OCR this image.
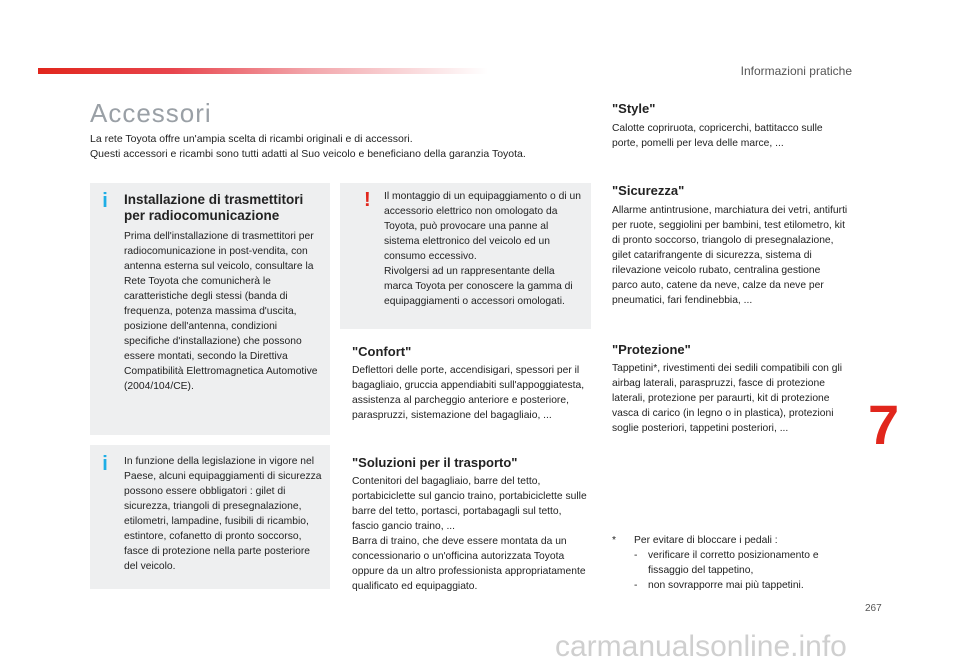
Informazioni pratiche
Accessori
La rete Toyota offre un'ampia scelta di ricambi originali e di accessori.
Questi accessori e ricambi sono tutti adatti al Suo veicolo e beneficiano della garanzia Toyota.
i Installazione di trasmettitori per radiocomunicazione
Prima dell'installazione di trasmettitori per radiocomunicazione in post-vendita, con antenna esterna sul veicolo, consultare la Rete Toyota che comunicherà le caratteristiche degli stessi (banda di frequenza, potenza massima d'uscita, posizione dell'antenna, condizioni specifiche d'installazione) che possono essere montati, secondo la Direttiva Compatibilità Elettromagnetica Automotive (2004/104/CE).
i In funzione della legislazione in vigore nel Paese, alcuni equipaggiamenti di sicurezza possono essere obbligatori : gilet di sicurezza, triangoli di presegnalazione, etilometri, lampadine, fusibili di ricambio, estintore, cofanetto di pronto soccorso, fasce di protezione nella parte posteriore del veicolo.
! Il montaggio di un equipaggiamento o di un accessorio elettrico non omologato da Toyota, può provocare una panne al sistema elettronico del veicolo ed un consumo eccessivo.
Rivolgersi ad un rappresentante della marca Toyota per conoscere la gamma di equipaggiamenti o accessori omologati.
"Confort"
Deflettori delle porte, accendisigari, spessori per il bagagliaio, gruccia appendiabiti sull'appoggiatesta, assistenza al parcheggio anteriore e posteriore, paraspruzzi, sistemazione del bagagliaio, ...
"Soluzioni per il trasporto"
Contenitori del bagagliaio, barre del tetto, portabiciclette sul gancio traino, portabiciclette sulle barre del tetto, portasci, portabagagli sul tetto, fascio gancio traino, ...
Barra di traino, che deve essere montata da un concessionario o un'officina autorizzata Toyota oppure da un altro professionista appropriatamente qualificato ed equipaggiato.
"Style"
Calotte copriruota, copricerchi, battitacco sulle porte, pomelli per leva delle marce, ...
"Sicurezza"
Allarme antintrusione, marchiatura dei vetri, antifurti per ruote, seggiolini per bambini, test etilometro, kit di pronto soccorso, triangolo di presegnalazione, gilet catarifrangente di sicurezza, sistema di rilevazione veicolo rubato, centralina gestione parco auto, catene da neve, calze da neve per pneumatici, fari fendinebbia, ...
"Protezione"
Tappetini*, rivestimenti dei sedili compatibili con gli airbag laterali, paraspruzzi, fasce di protezione laterali, protezione per paraurti, kit di protezione vasca di carico (in legno o in plastica), protezioni soglie posteriori, tappetini posteriori, ...
* Per evitare di bloccare i pedali :
- verificare il corretto posizionamento e fissaggio del tappetino,
- non sovrapporre mai più tappetini.
7
267
carmanualsonline.info
